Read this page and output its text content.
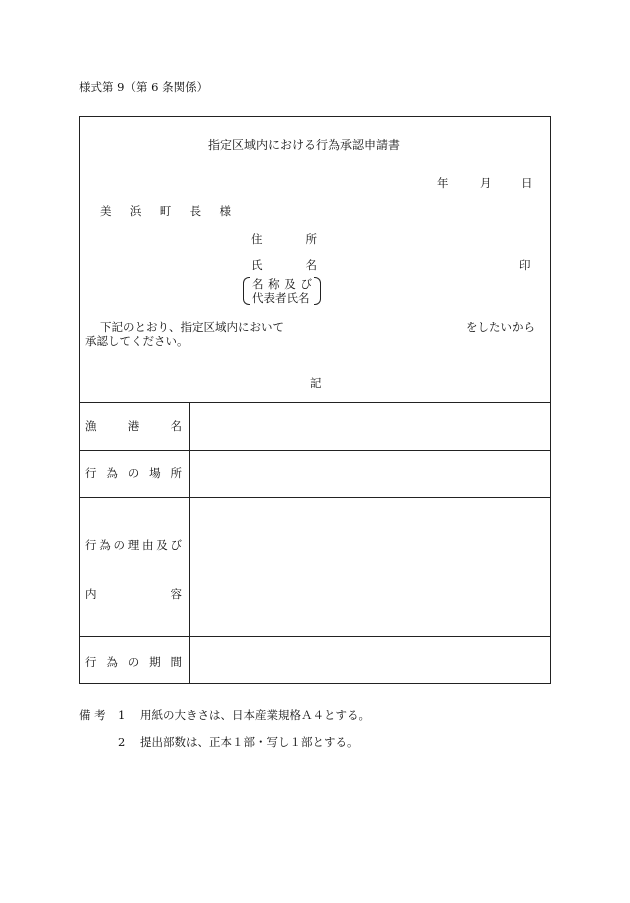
様式第 9（第 6 条関係）
指定区域内における行為承認申請書
年	月	日
美 浜 町 長 様
住	所
氏	名	印
名 称 及 び
代表者氏名
下記のとおり、指定区域内において	をしたいから
承認してください。
記
漁	港	名
行 為 の 場 所
行 為 の 理 由 及 び
内	容
行 為 の 期 間
備 考 1 用紙の大きさは、日本産業規格Ａ４とする。
2 提出部数は、正本１部・写し１部とする。
